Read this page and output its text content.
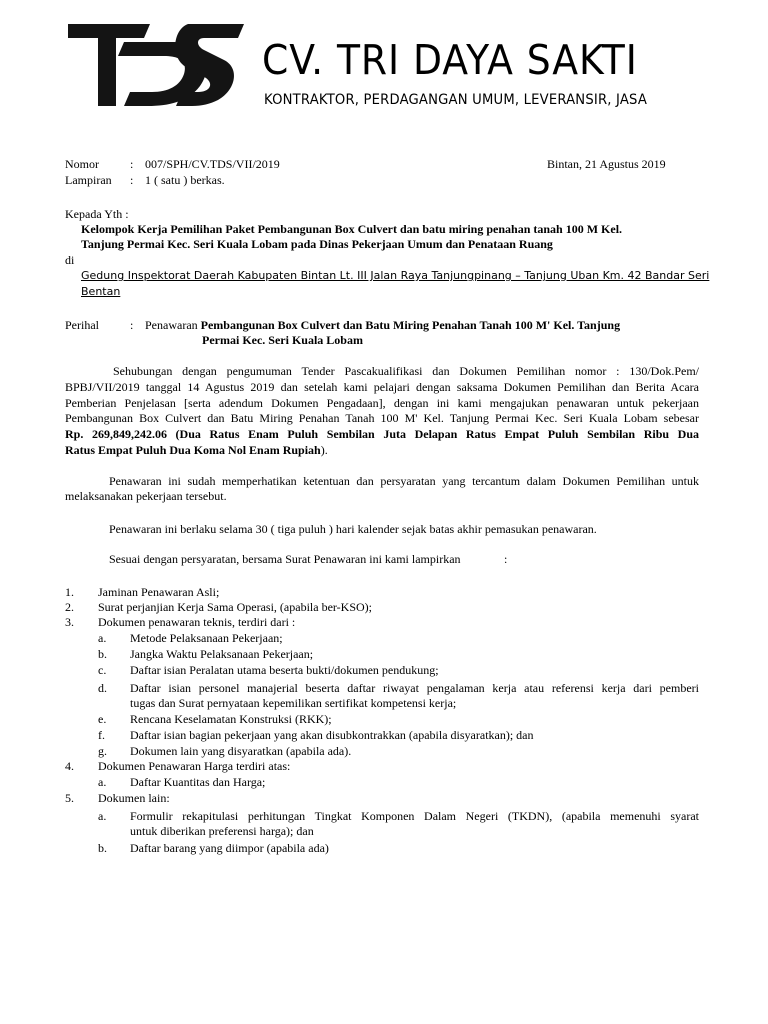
CV. TRI DAYA SAKTI
KONTRAKTOR, PERDAGANGAN UMUM, LEVERANSIR, JASA
Nomor	: 007/SPH/CV.TDS/VII/2019	Bintan, 21 Agustus 2019
Lampiran : 1 ( satu ) berkas.
Kepada Yth :
Kelompok Kerja Pemilihan Paket Pembangunan Box Culvert dan batu miring penahan tanah 100 M Kel.
Tanjung Permai Kec. Seri Kuala Lobam pada Dinas Pekerjaan Umum dan Penataan Ruang
di
Gedung Inspektorat Daerah Kabupaten Bintan Lt. III Jalan Raya Tanjungpinang – Tanjung Uban Km. 42 Bandar Seri
Bentan
Perihal	: Penawaran Pembangunan Box Culvert dan Batu Miring Penahan Tanah 100 M' Kel. Tanjung
Permai Kec. Seri Kuala Lobam
Sehubungan dengan pengumuman Tender Pascakualifikasi dan Dokumen Pemilihan nomor : 130/Dok.Pem/
BPBJ/VII/2019 tanggal 14 Agustus 2019 dan setelah kami pelajari dengan saksama Dokumen Pemilihan dan Berita Acara
Pemberian Penjelasan [serta adendum Dokumen Pengadaan], dengan ini kami mengajukan penawaran untuk pekerjaan
Pembangunan Box Culvert dan Batu Miring Penahan Tanah 100 M' Kel. Tanjung Permai Kec. Seri Kuala Lobam sebesar
Rp. 269,849,242.06 (Dua Ratus Enam Puluh Sembilan Juta Delapan Ratus Empat Puluh Sembilan Ribu Dua
Ratus Empat Puluh Dua Koma Nol Enam Rupiah).
Penawaran ini sudah memperhatikan ketentuan dan persyaratan yang tercantum dalam Dokumen Pemilihan untuk
melaksanakan pekerjaan tersebut.
Penawaran ini berlaku selama 30 ( tiga puluh ) hari kalender sejak batas akhir pemasukan penawaran.
Sesuai dengan persyaratan, bersama Surat Penawaran ini kami lampirkan	:
1. Jaminan Penawaran Asli;
2. Surat perjanjian Kerja Sama Operasi, (apabila ber-KSO);
3. Dokumen penawaran teknis, terdiri dari :
a. Metode Pelaksanaan Pekerjaan;
b. Jangka Waktu Pelaksanaan Pekerjaan;
c. Daftar isian Peralatan utama beserta bukti/dokumen pendukung;
d. Daftar isian personel manajerial beserta daftar riwayat pengalaman kerja atau referensi kerja dari pemberi
tugas dan Surat pernyataan kepemilikan sertifikat kompetensi kerja;
e. Rencana Keselamatan Konstruksi (RKK);
f. Daftar isian bagian pekerjaan yang akan disubkontrakkan (apabila disyaratkan); dan
g. Dokumen lain yang disyaratkan (apabila ada).
4. Dokumen Penawaran Harga terdiri atas:
a. Daftar Kuantitas dan Harga;
5. Dokumen lain:
a. Formulir rekapitulasi perhitungan Tingkat Komponen Dalam Negeri (TKDN), (apabila memenuhi syarat
untuk diberikan preferensi harga); dan
b. Daftar barang yang diimpor (apabila ada)
